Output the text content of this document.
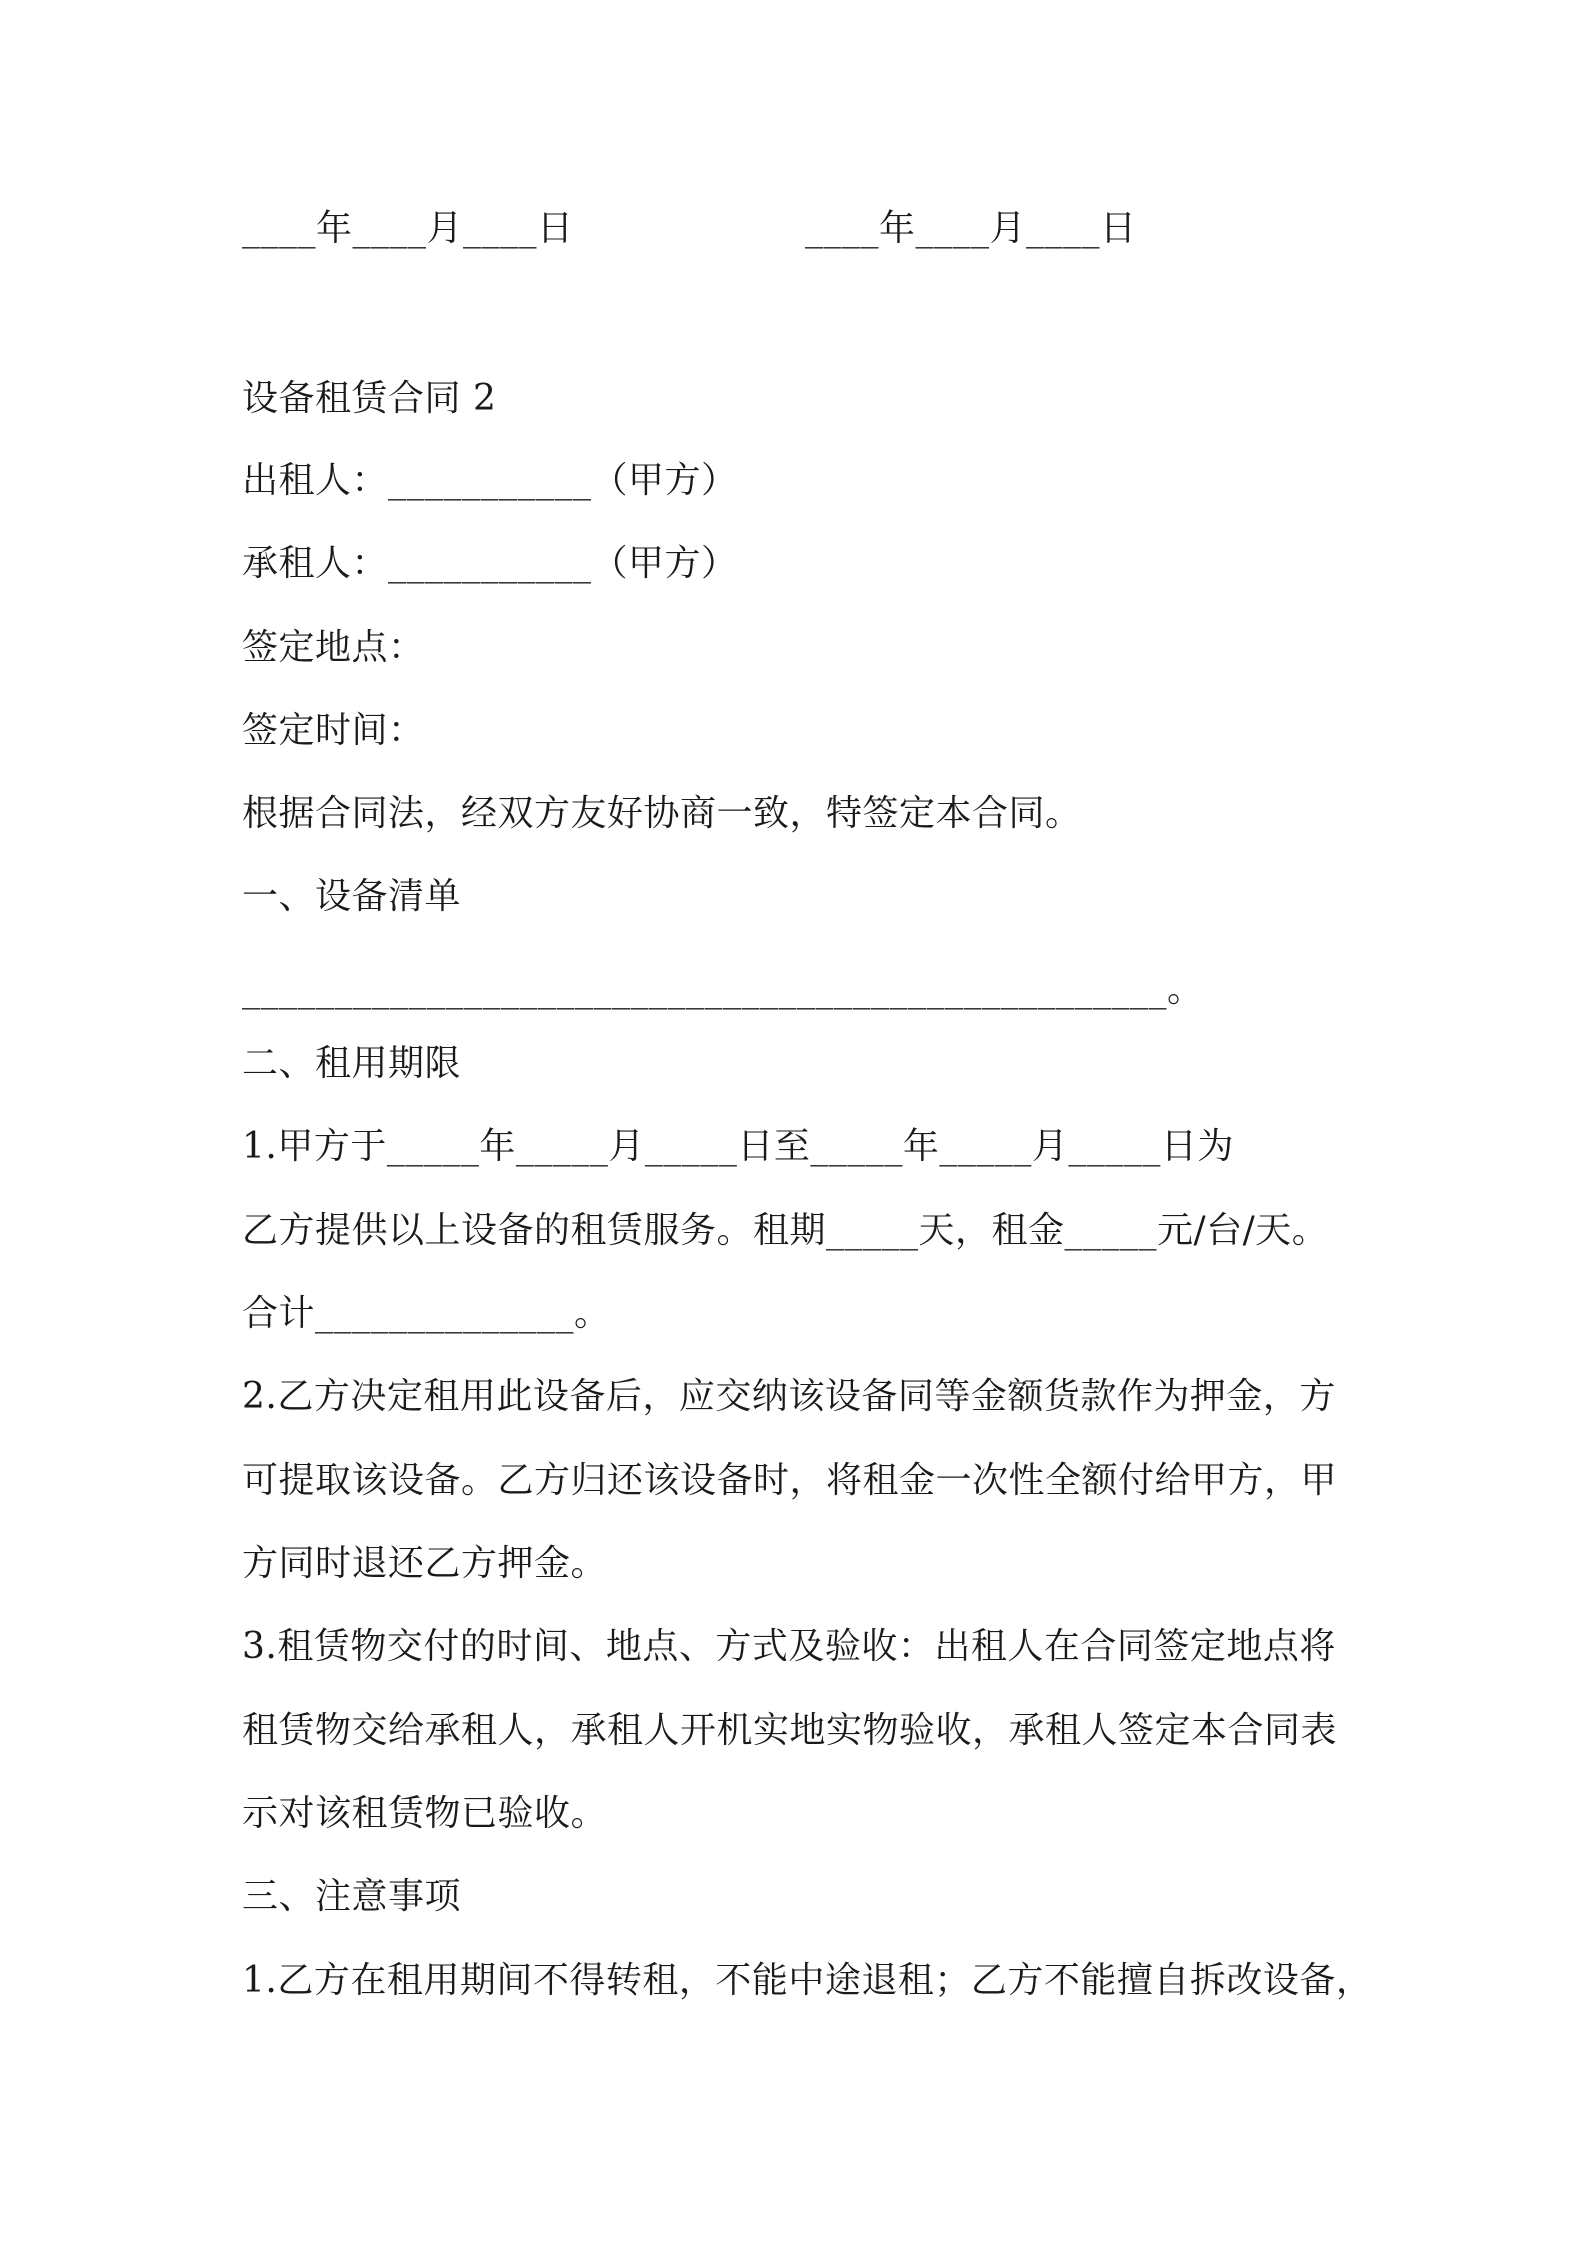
____年____月____日	____年____月____日
设备租赁合同 2
出租人：___________（甲方）
承租人：___________（甲方）
签定地点：
签定时间：
根据合同法，经双方友好协商一致，特签定本合同。
一、设备清单
__________________________________________________。
二、租用期限
1.甲方于_____年_____月_____日至_____年_____月_____日为
乙方提供以上设备的租赁服务。租期_____天，租金_____元/台/天。
合计______________。
2.乙方决定租用此设备后，应交纳该设备同等金额货款作为押金，方
可提取该设备。乙方归还该设备时，将租金一次性全额付给甲方，甲
方同时退还乙方押金。
3.租赁物交付的时间、地点、方式及验收：出租人在合同签定地点将
租赁物交给承租人，承租人开机实地实物验收，承租人签定本合同表
示对该租赁物已验收。
三、注意事项
1.乙方在租用期间不得转租，不能中途退租；乙方不能擅自拆改设备，
